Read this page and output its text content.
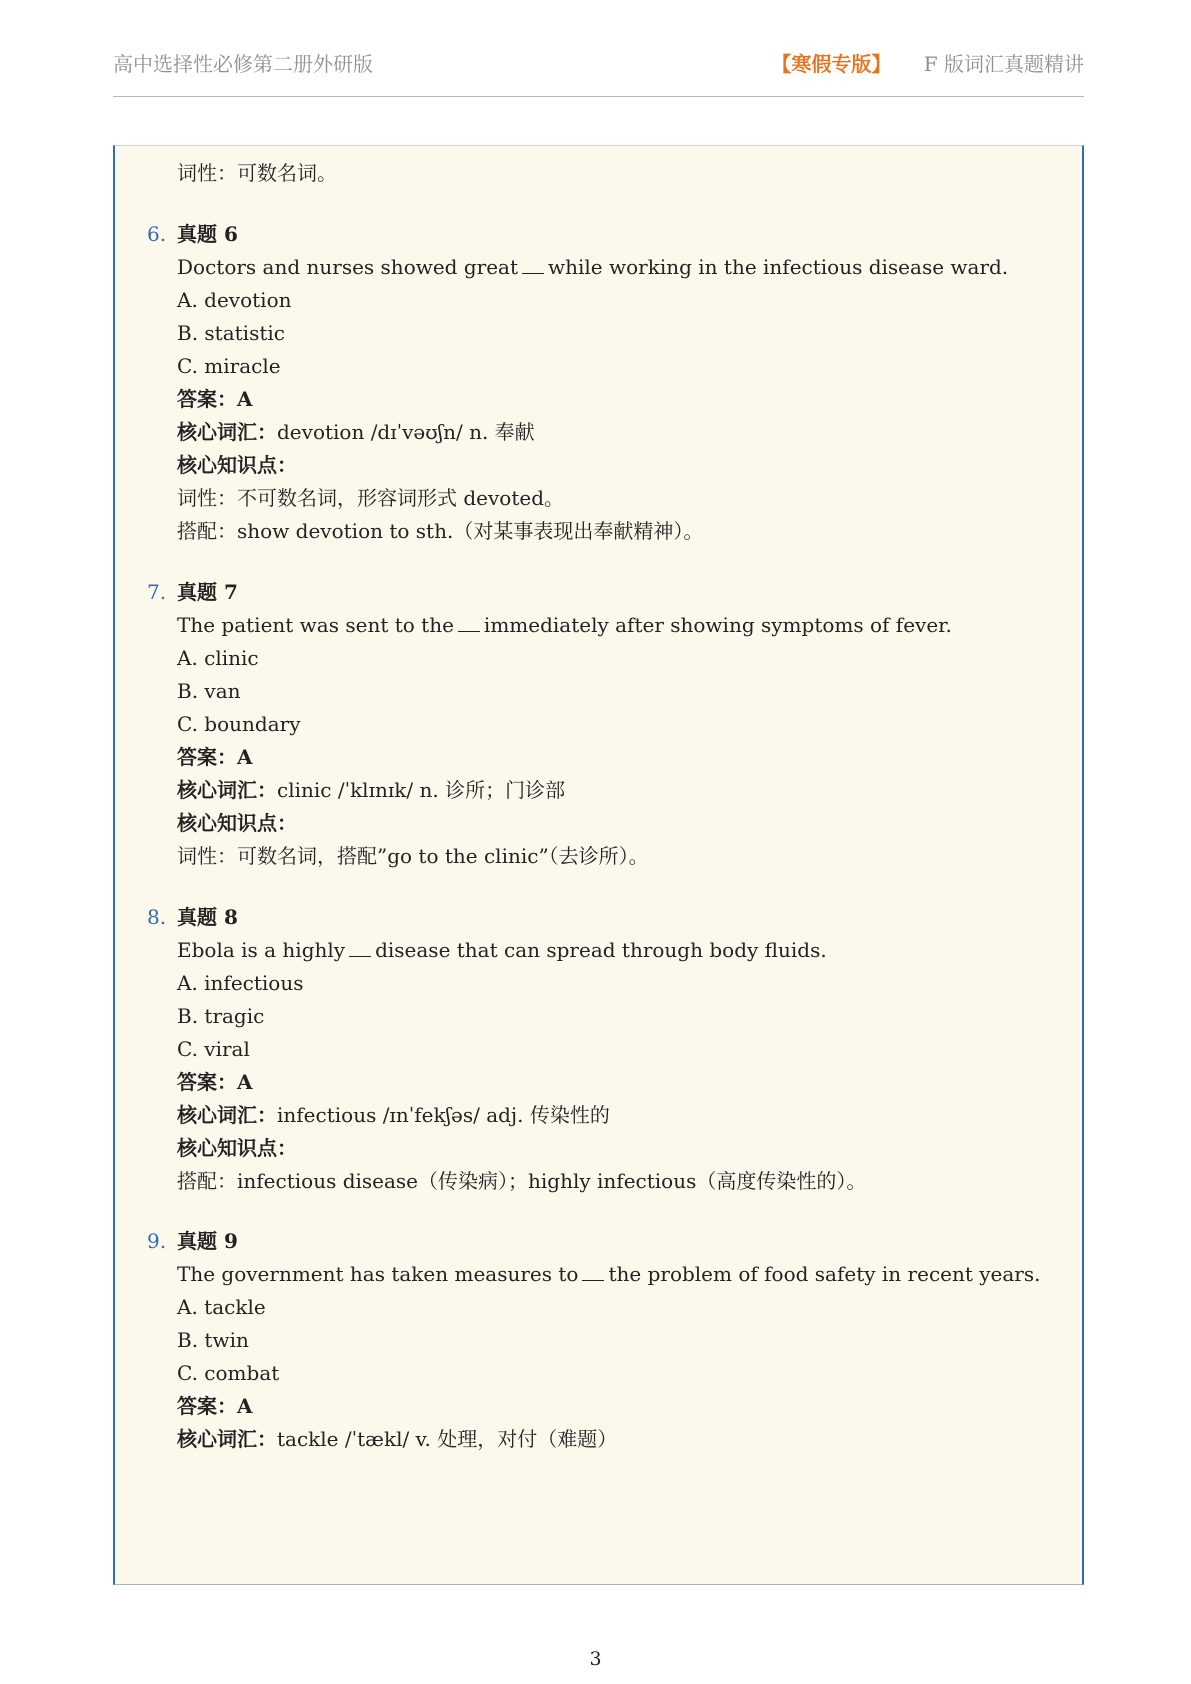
高中选择性必修第二册外研版	【寒假专版】 F 版词汇真题精讲
词性：可数名词。
6. 真题 6
Doctors and nurses showed great while working in the infectious disease ward.
A. devotion
B. statistic
C. miracle
答案：A
核心词汇：devotion /dɪˈvəʊʃn/ n. 奉献
核心知识点：
词性：不可数名词，形容词形式 devoted。
搭配：show devotion to sth.（对某事表现出奉献精神）。
7. 真题 7
The patient was sent to the immediately after showing symptoms of fever.
A. clinic
B. van
C. boundary
答案：A
核心词汇：clinic /ˈklɪnɪk/ n. 诊所；门诊部
核心知识点：
词性：可数名词，搭配”go to the clinic”（去诊所）。
8. 真题 8
Ebola is a highly disease that can spread through body fluids.
A. infectious
B. tragic
C. viral
答案：A
核心词汇：infectious /ɪnˈfekʃəs/ adj. 传染性的
核心知识点：
搭配：infectious disease（传染病）；highly infectious（高度传染性的）。
9. 真题 9
The government has taken measures to the problem of food safety in recent years.
A. tackle
B. twin
C. combat
答案：A
核心词汇：tackle /ˈtækl/ v. 处理，对付（难题）
3
